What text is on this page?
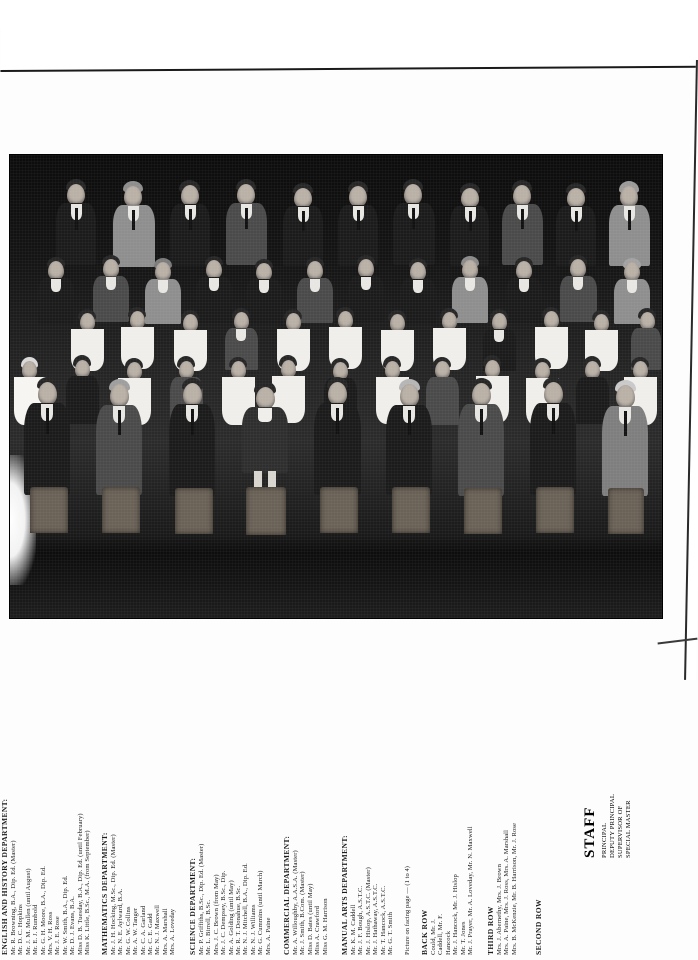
STAFF PRINCIPAL DEPUTY PRINCIPAL SUPERVISOR OF SPECIAL MASTER
ENGLISH AND HISTORY DEPARTMENT: Mr. R. Browning, B.A., Dip. Ed. (Master) Mr. D. C. Hopkins Mr. J. M. Mullen (until August) Mr. E. J. Rumbold Mr. G. H. Moore, B.A., Dip. Ed. Mrs. V. H. Ross Mr. J. E. Rose Mr. W. Smith, B.A., Dip. Ed. Mr. D. J. Evans, B.A. Miss D. B. Tuesday, B.A., Dip. Ed. (until February) Miss K. Little, B.Sc., M.A. (from September) MATHEMATICS DEPARTMENT: Mr. J. H. Hocking, M.Sc., Dip. Ed. (Master) Mr. N. E. Aylward, B.A. Mr. G. W. Collins Mr. A. W. Tanger Mr. C. A. Garland Mr. C. E. Gadd Mr. N. J. Maxwell Mrs. A. Marshall Mrs. A. Loveday SCIENCE DEPARTMENT: Mr. P. Griffiths, B.Sc., Dip. Ed. (Master) Mr. L. Birrell, B.Sc. Mrs. J. C. Brown (from May) Mr. J. C. Dempsey, B.Sc., Dip. Mr. A. Golding (until May) Mr. R. T. Donahue, B.Sc. Mr. N. J. Mitchell, B.A., Dip. Ed. Mr. N. J. Williams Mr. G. Cummins (until March) Mrs. A. Paine COMMERCIAL DEPARTMENT: Mr. A. Willoughby, A.A.S.A. (Master) Mr. J. Smith, B.Com. (Master) Miss D. Bates (until May) Miss A. Crawford Miss G. M. Harrison MANUAL ARTS DEPARTMENT: Mr. K. M. Caddell Mr. J. F. Bough, A.S.T.C. Mr. J. Hislop, A.S.T.C. (Master) Mr. J. Hathaway, A.S.T.C. Mr. T. Hancock, A.S.T.C. Mr. G. T. Smith Picture on facing page — (1 to 4) BACK ROW Could, Mr. J. Caddell, Mr. F. Hancock Mr. J. Hancock, Mr. J. Hislop Mr. T. Jones Mr. J. Prayer, Mr. A. Loveday, Mr. N. Maxwell THIRD ROW Mrs. J. Abernethy, Mrs. J. Brown Mrs. A. Paine, Mrs. J. Ross, Mrs. A. Marshall Mrs. B. McKenzie, Mr. B. Harrison, Mr. J. Rose SECOND ROW
